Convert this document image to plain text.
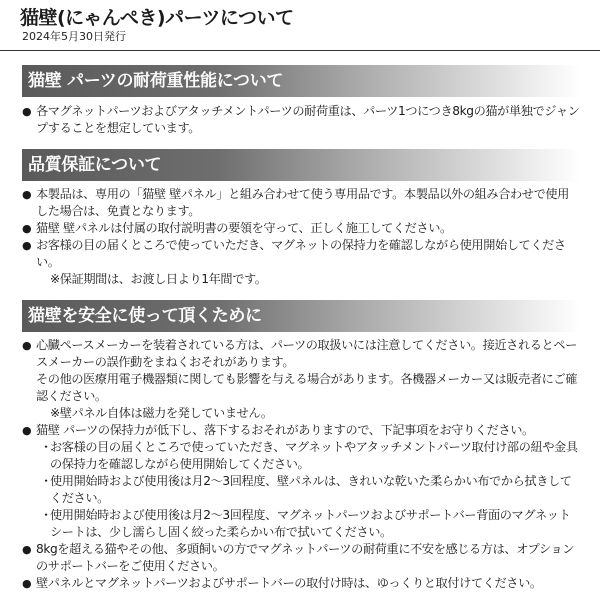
猫壁(にゃんぺき)パーツについて
2024年5月30日発行
猫壁 パーツの耐荷重性能について
● 各マグネットパーツおよびアタッチメントパーツの耐荷重は、パーツ1つにつき8kgの猫が単独でジャンプすることを想定しています。
品質保証について
● 本製品は、専用の「猫壁 壁パネル」と組み合わせて使う専用品です。本製品以外の組み合わせで使用した場合は、免責となります。
● 猫壁 壁パネルは付属の取付説明書の要領を守って、正しく施工してください。
● お客様の目の届くところで使っていただき、マグネットの保持力を確認しながら使用開始してください。
※保証期間は、お渡し日より1年間です。
猫壁を安全に使って頂くために
● 心臓ペースメーカーを装着されている方は、パーツの取扱いには注意してください。接近されるとペースメーカーの誤作動をまねくおそれがあります。
その他の医療用電子機器類に関しても影響を与える場合があります。各機器メーカー又は販売者にご確認ください。
※壁パネル自体は磁力を発していません。
● 猫壁 パーツの保持力が低下し、落下するおそれがありますので、下記事項をお守りください。
・
お客様の目の届くところで使っていただき、マグネットやアタッチメントパーツ取付け部の紐や金具の保持力を確認しながら使用開始してください。
・
使用開始時および使用後は月2～3回程度、壁パネルは、きれいな乾いた柔らかい布でから拭きしてください。
・
使用開始時および使用後は月2～3回程度、マグネットパーツおよびサポートバー背面のマグネットシートは、少し濡らし固く絞った柔らかい布で拭いてください。
● 8kgを超える猫やその他、多頭飼いの方でマグネットパーツの耐荷重に不安を感じる方は、オプションのサポートバーをご使用ください。
● 壁パネルとマグネットパーツおよびサポートバーの取付け時は、ゆっくりと取付けてください。
